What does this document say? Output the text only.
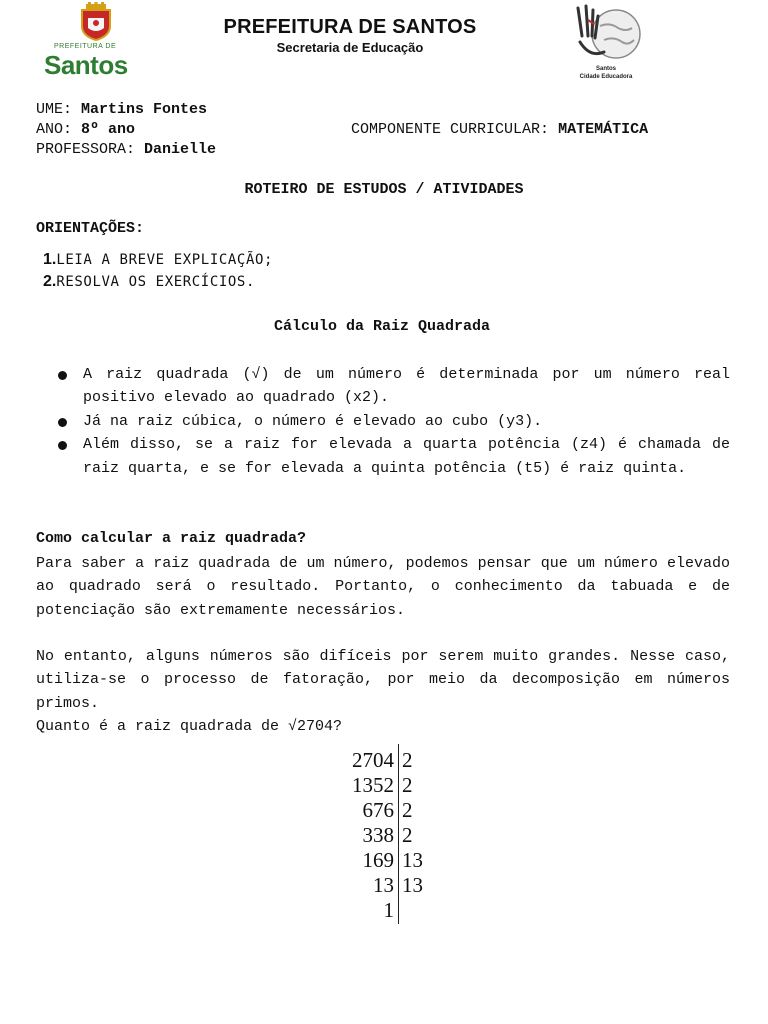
PREFEITURA DE
Santos
PREFEITURA DE SANTOS
Secretaria de Educação
Santos
Cidade Educadora
UME: Martins Fontes
ANO: 8º ano	COMPONENTE CURRICULAR: MATEMÁTICA
PROFESSORA: Danielle
ROTEIRO DE ESTUDOS / ATIVIDADES
ORIENTAÇÕES:
1.LEIA A BREVE EXPLICAÇÃO;
2.RESOLVA OS EXERCÍCIOS.
Cálculo da Raiz Quadrada
A raiz quadrada (√) de um número é determinada por um número real positivo elevado ao quadrado (x2).
Já na raiz cúbica, o número é elevado ao cubo (y3).
Além disso, se a raiz for elevada a quarta potência (z4) é chamada de raiz quarta, e se for elevada a quinta potência (t5) é raiz quinta.
Como calcular a raiz quadrada?
Para saber a raiz quadrada de um número, podemos pensar que um número elevado ao quadrado será o resultado. Portanto, o conhecimento da tabuada e de potenciação são extremamente necessários.
No entanto, alguns números são difíceis por serem muito grandes. Nesse caso, utiliza-se o processo de fatoração, por meio da decomposição em números primos.
Quanto é a raiz quadrada de √2704?
2704
1352
676
338
169
13
1
2
2
2
2
13
13
